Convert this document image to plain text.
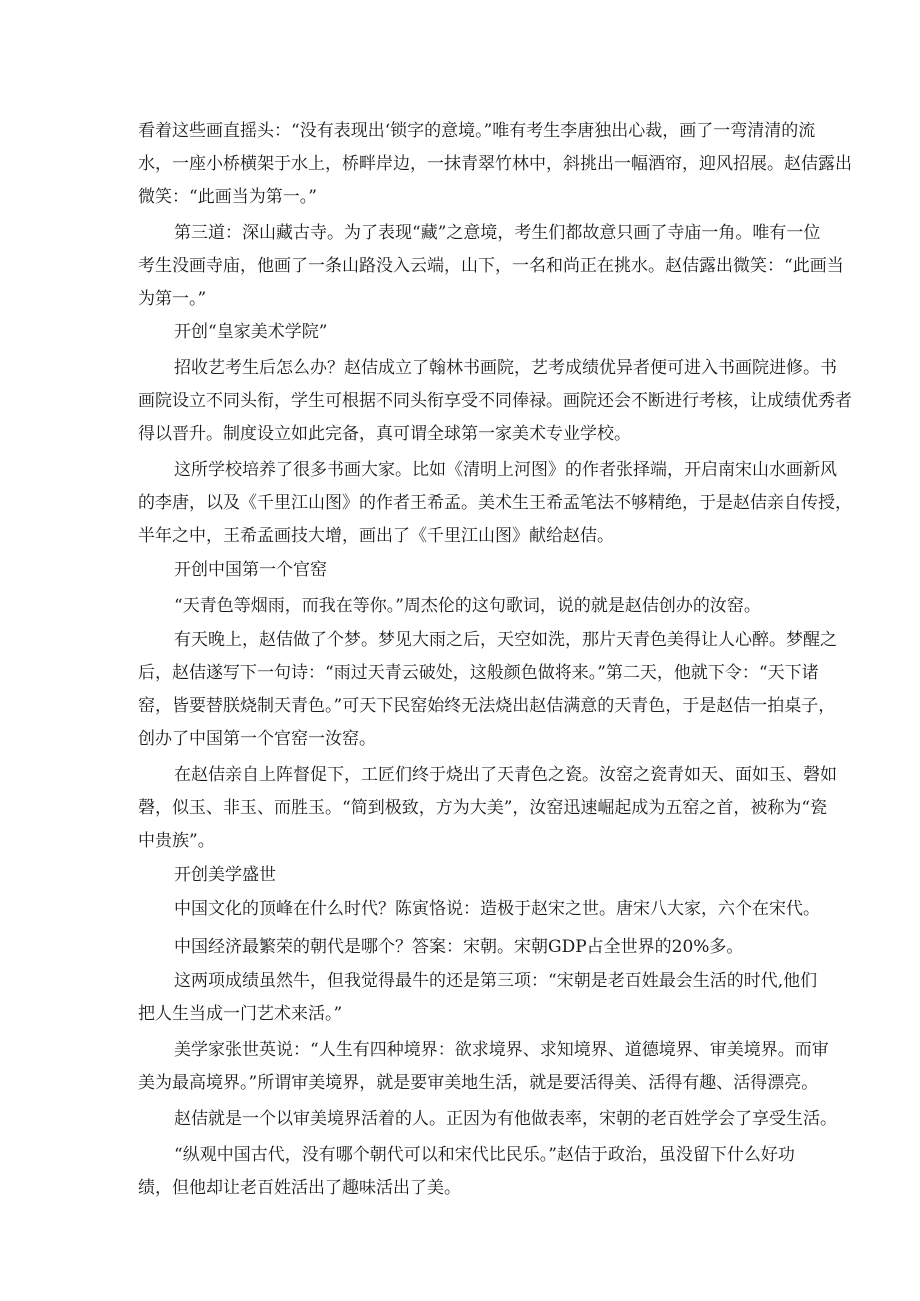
看着这些画直摇头：“没有表现出‘锁字的意境。”唯有考生李唐独出心裁，画了一弯清清的流
水，一座小桥横架于水上，桥畔岸边，一抹青翠竹林中，斜挑出一幅酒帘，迎风招展。赵佶露出
微笑：“此画当为第一。”
第三道：深山藏古寺。为了表现“藏”之意境，考生们都故意只画了寺庙一角。唯有一位
考生没画寺庙，他画了一条山路没入云端，山下，一名和尚正在挑水。赵佶露出微笑：“此画当
为第一。”
开创“皇家美术学院”
招收艺考生后怎么办？赵佶成立了翰林书画院，艺考成绩优异者便可进入书画院进修。书
画院设立不同头衔，学生可根据不同头衔享受不同俸禄。画院还会不断进行考核，让成绩优秀者
得以晋升。制度设立如此完备，真可谓全球第一家美术专业学校。
这所学校培养了很多书画大家。比如《清明上河图》的作者张择端，开启南宋山水画新风
的李唐，以及《千里江山图》的作者王希孟。美术生王希孟笔法不够精绝，于是赵佶亲自传授，
半年之中，王希孟画技大增，画出了《千里江山图》献给赵佶。
开创中国第一个官窑
“天青色等烟雨，而我在等你。”周杰伦的这句歌词，说的就是赵佶创办的汝窑。
有天晚上，赵佶做了个梦。梦见大雨之后，天空如洗，那片天青色美得让人心醉。梦醒之
后，赵佶遂写下一句诗：“雨过天青云破处，这般颜色做将来。”第二天，他就下令：“天下诸
窑，皆要替朕烧制天青色。”可天下民窑始终无法烧出赵佶满意的天青色，于是赵佶一拍桌子，
创办了中国第一个官窑一汝窑。
在赵佶亲自上阵督促下，工匠们终于烧出了天青色之瓷。汝窑之瓷青如天、面如玉、磬如
磬，似玉、非玉、而胜玉。“简到极致，方为大美”，汝窑迅速崛起成为五窑之首，被称为“瓷
中贵族”。
开创美学盛世
中国文化的顶峰在什么时代？陈寅恪说：造极于赵宋之世。唐宋八大家，六个在宋代。
中国经济最繁荣的朝代是哪个？答案：宋朝。宋朝GDP占全世界的20%多。
这两项成绩虽然牛，但我觉得最牛的还是第三项：“宋朝是老百姓最会生活的时代,他们
把人生当成一门艺术来活。”
美学家张世英说：“人生有四种境界：欲求境界、求知境界、道德境界、审美境界。而审
美为最高境界。”所谓审美境界，就是要审美地生活，就是要活得美、活得有趣、活得漂亮。
赵佶就是一个以审美境界活着的人。正因为有他做表率，宋朝的老百姓学会了享受生活。
“纵观中国古代，没有哪个朝代可以和宋代比民乐。”赵佶于政治，虽没留下什么好功
绩，但他却让老百姓活出了趣味活出了美。
